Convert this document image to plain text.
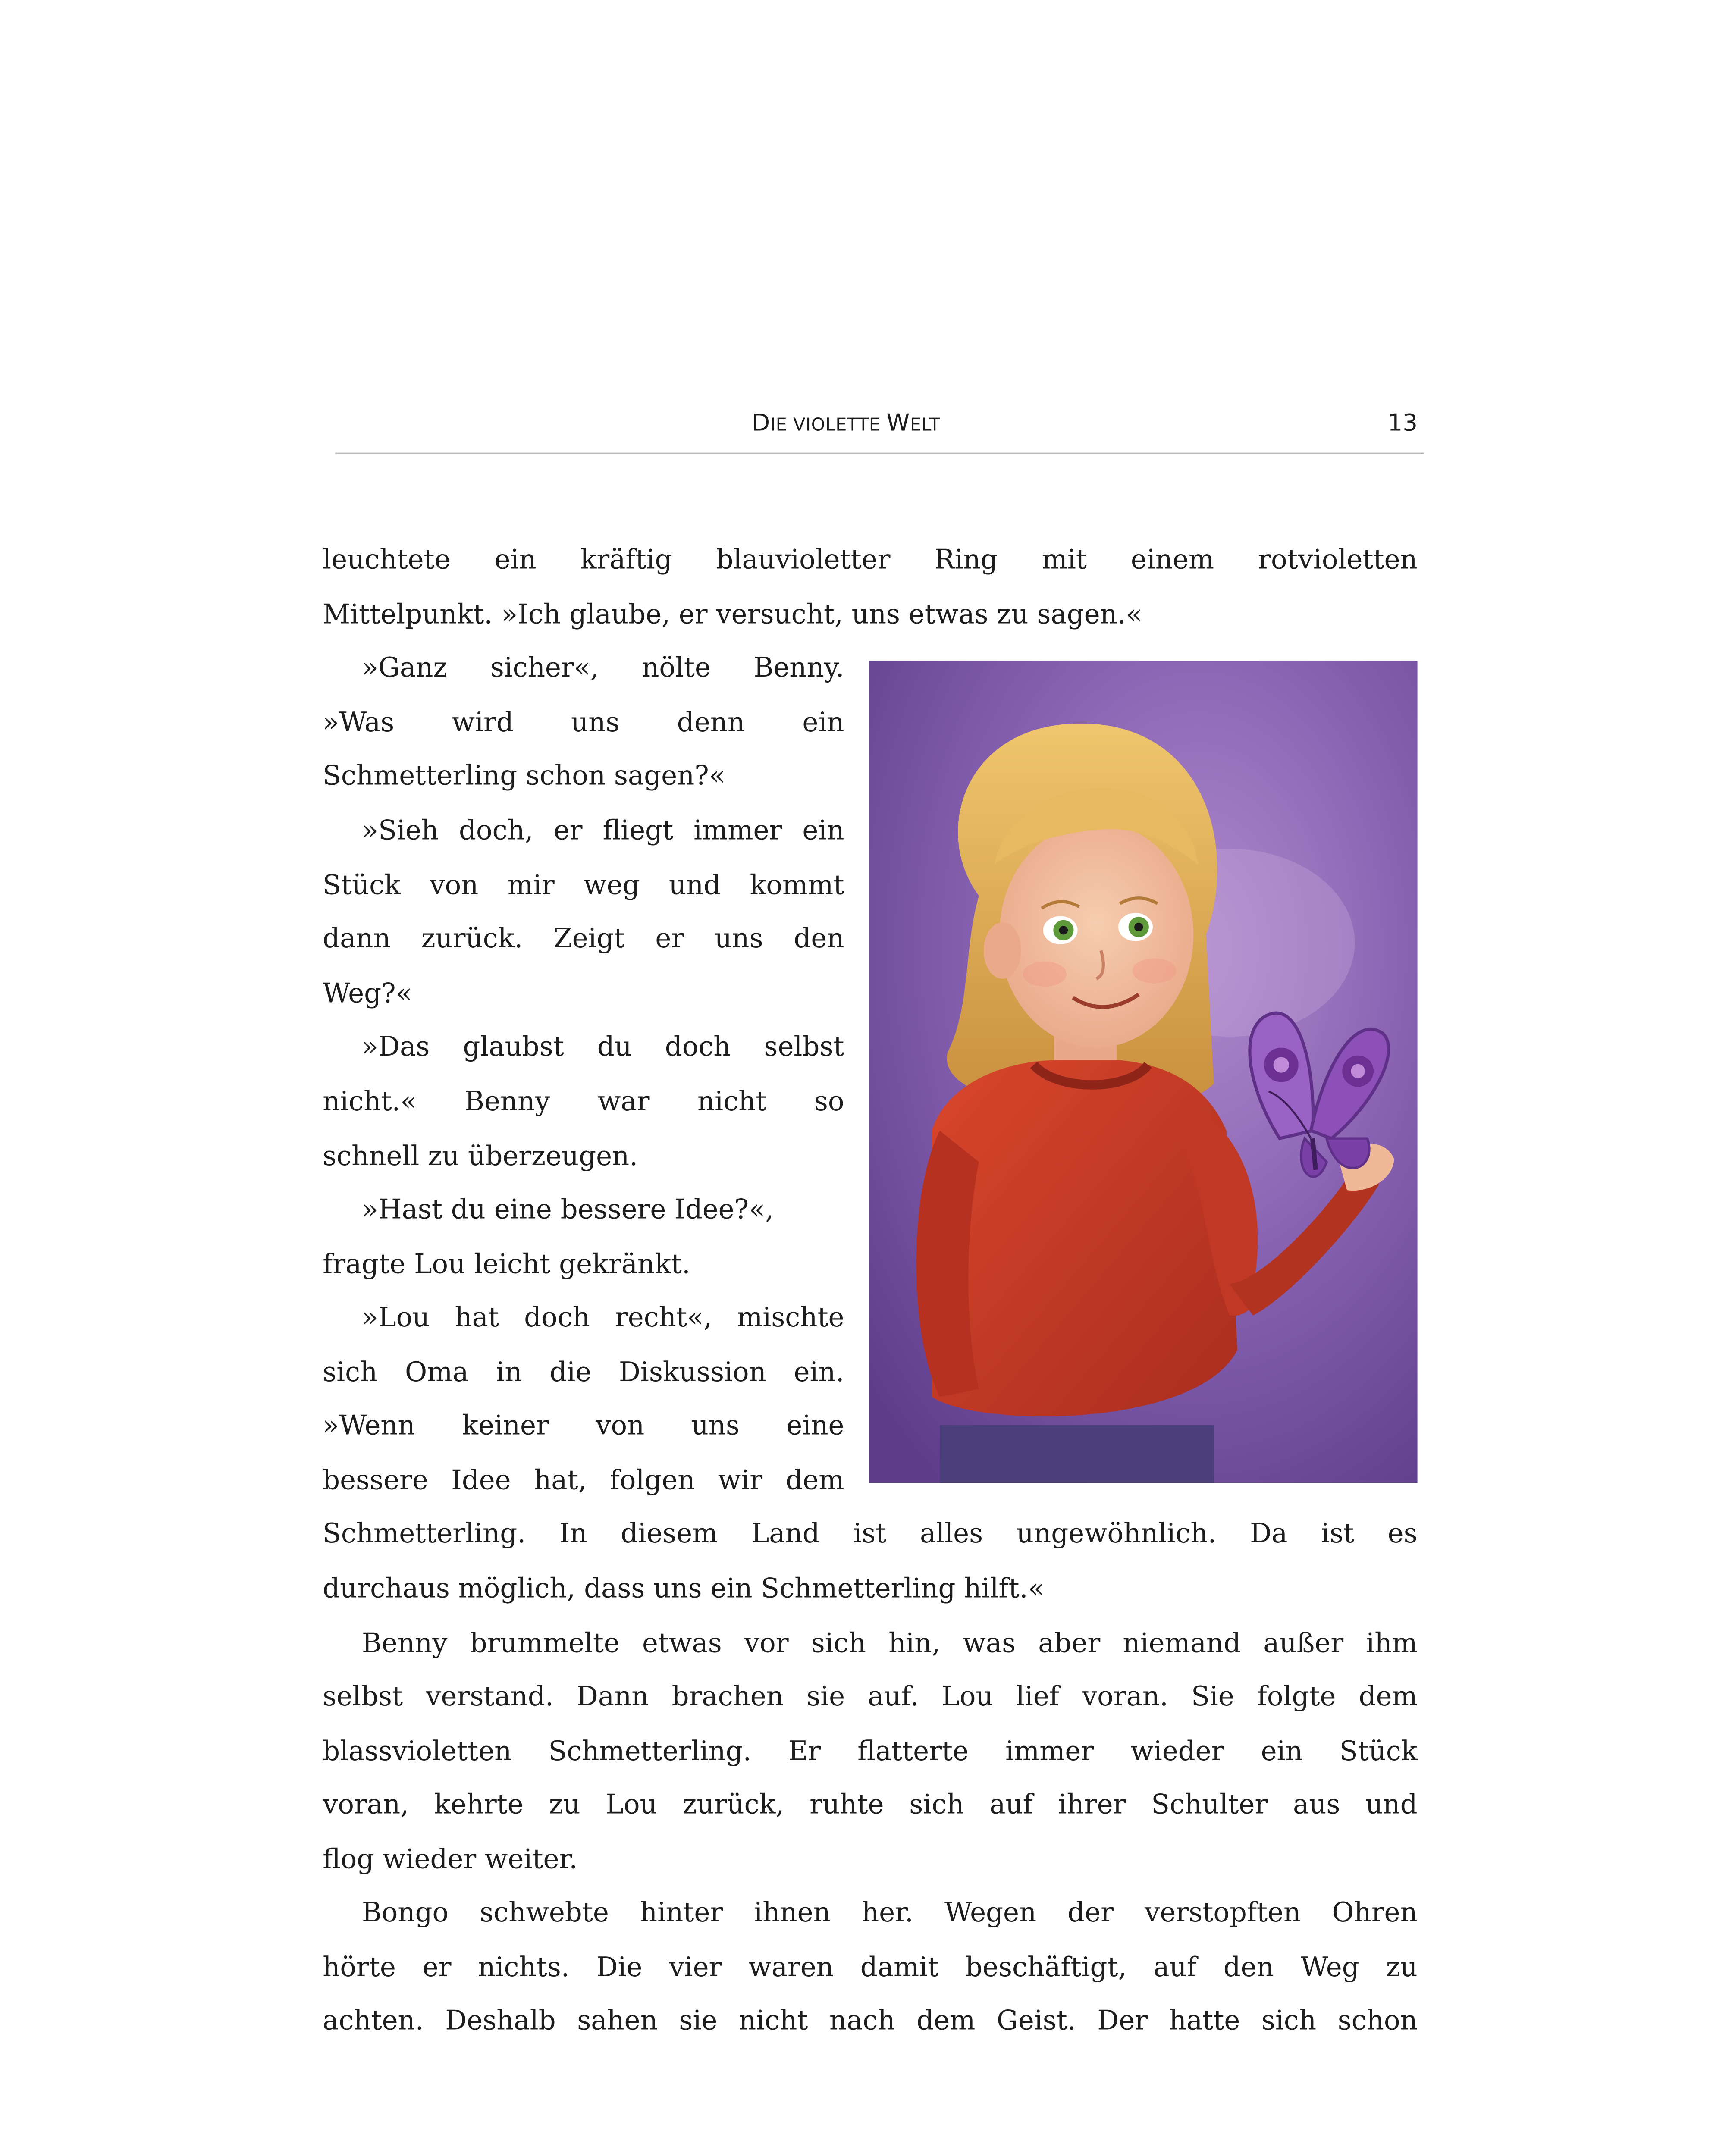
DIE VIOLETTE WELT	13
leuchtete ein kräftig blauvioletter Ring mit einem rotvioletten
Mittelpunkt. »Ich glaube, er versucht, uns etwas zu sagen.«
»Ganz sicher«, nölte Benny.
»Was wird uns denn ein
Schmetterling schon sagen?«
»Sieh doch, er fliegt immer ein
Stück von mir weg und kommt
dann zurück. Zeigt er uns den
Weg?«
»Das glaubst du doch selbst
nicht.« Benny war nicht so
schnell zu überzeugen.
»Hast du eine bessere Idee?«,
fragte Lou leicht gekränkt.
»Lou hat doch recht«, mischte
sich Oma in die Diskussion ein.
»Wenn keiner von uns eine
bessere Idee hat, folgen wir dem
Schmetterling. In diesem Land ist alles ungewöhnlich. Da ist es
durchaus möglich, dass uns ein Schmetterling hilft.«
Benny brummelte etwas vor sich hin, was aber niemand außer ihm
selbst verstand. Dann brachen sie auf. Lou lief voran. Sie folgte dem
blassvioletten Schmetterling. Er flatterte immer wieder ein Stück
voran, kehrte zu Lou zurück, ruhte sich auf ihrer Schulter aus und
flog wieder weiter.
Bongo schwebte hinter ihnen her. Wegen der verstopften Ohren
hörte er nichts. Die vier waren damit beschäftigt, auf den Weg zu
achten. Deshalb sahen sie nicht nach dem Geist. Der hatte sich schon
